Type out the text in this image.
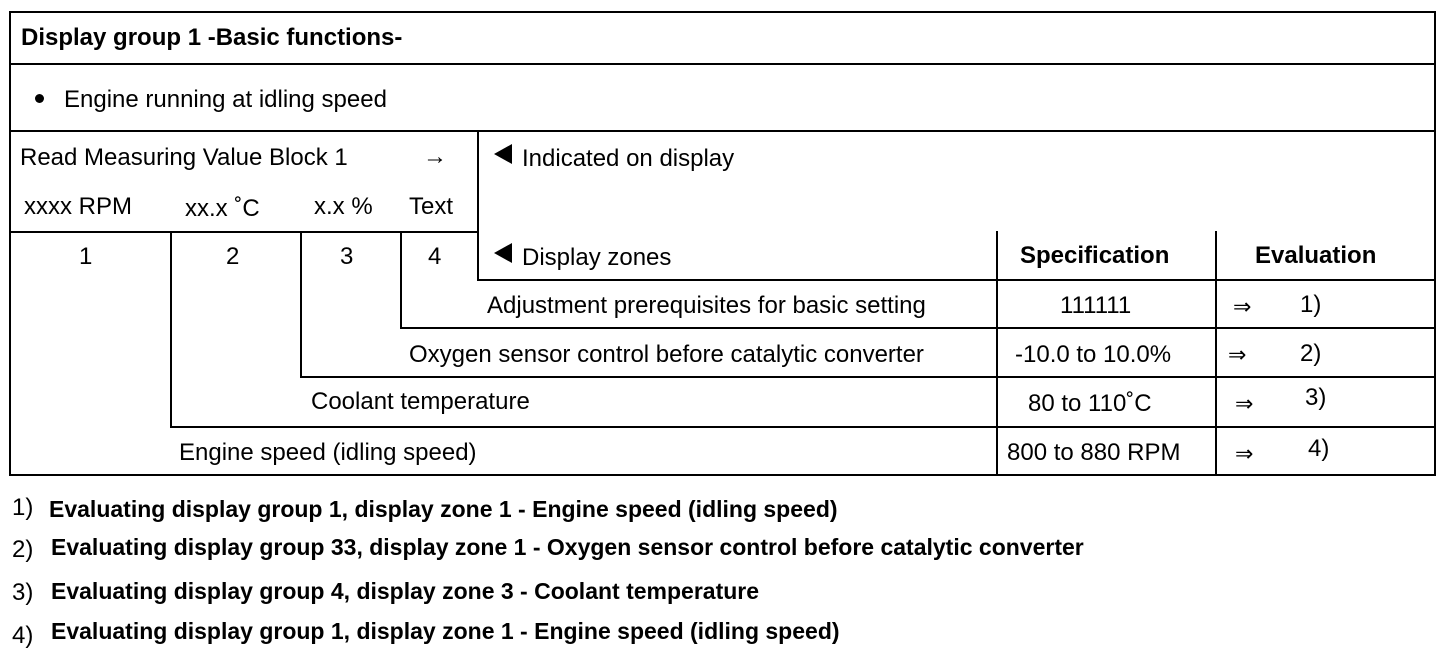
Display group 1 -Basic functions-
Engine running at idling speed
Read Measuring Value Block 1	→	Indicated on display
xxxx RPM xx.x ˚C x.x % Text
1	2	3	4	Display zones	Specification	Evaluation
Adjustment prerequisites for basic setting	111111	⇒ 1)
Oxygen sensor control before catalytic converter	-10.0 to 10.0%	⇒ 2)
Coolant temperature	80 to 110˚C	⇒ 3)
Engine speed (idling speed)	800 to 880 RPM ⇒ 4)
1) Evaluating display group 1, display zone 1 - Engine speed (idling speed)
2) Evaluating display group 33, display zone 1 - Oxygen sensor control before catalytic converter
3) Evaluating display group 4, display zone 3 - Coolant temperature
4) Evaluating display group 1, display zone 1 - Engine speed (idling speed)
